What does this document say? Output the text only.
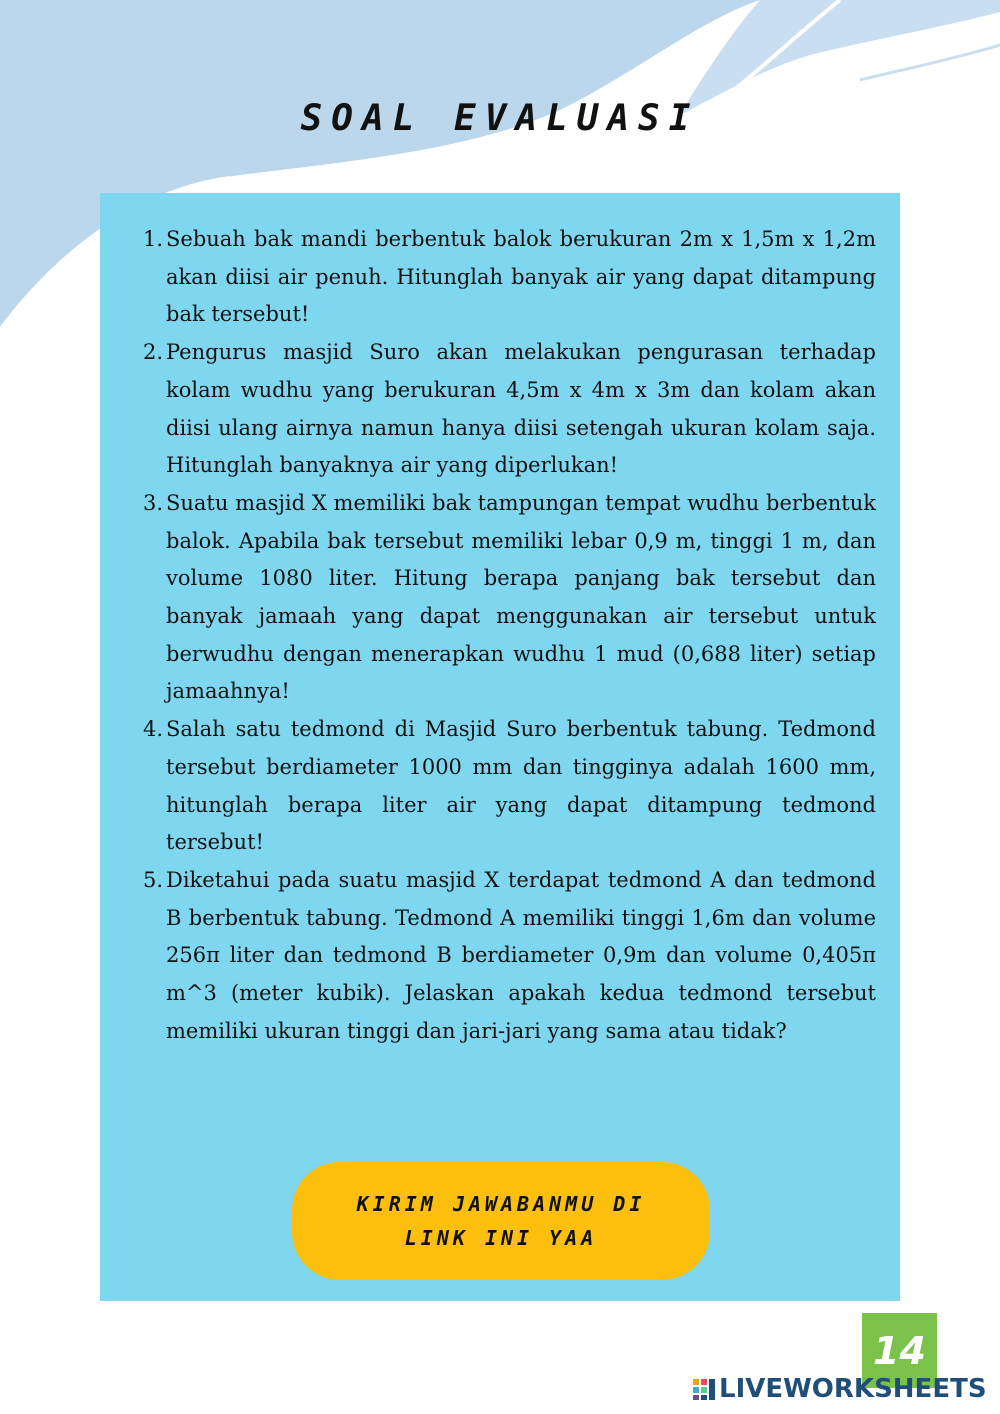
SOAL EVALUASI
1. Sebuah bak mandi berbentuk balok berukuran 2m x 1,5m x 1,2m akan diisi air penuh. Hitunglah banyak air yang dapat ditampung bak tersebut!
2. Pengurus masjid Suro akan melakukan pengurasan terhadap kolam wudhu yang berukuran 4,5m x 4m x 3m dan kolam akan diisi ulang airnya namun hanya diisi setengah ukuran kolam saja. Hitunglah banyaknya air yang diperlukan!
3. Suatu masjid X memiliki bak tampungan tempat wudhu berbentuk balok. Apabila bak tersebut memiliki lebar 0,9 m, tinggi 1 m, dan volume 1080 liter. Hitung berapa panjang bak tersebut dan banyak jamaah yang dapat menggunakan air tersebut untuk berwudhu dengan menerapkan wudhu 1 mud (0,688 liter) setiap jamaahnya!
4. Salah satu tedmond di Masjid Suro berbentuk tabung. Tedmond tersebut berdiameter 1000 mm dan tingginya adalah 1600 mm, hitunglah berapa liter air yang dapat ditampung tedmond tersebut!
5. Diketahui pada suatu masjid X terdapat tedmond A dan tedmond B berbentuk tabung. Tedmond A memiliki tinggi 1,6m dan volume 256π liter dan tedmond B berdiameter 0,9m dan volume 0,405π m^3 (meter kubik). Jelaskan apakah kedua tedmond tersebut memiliki ukuran tinggi dan jari-jari yang sama atau tidak?
KIRIM JAWABANMU DI LINK INI YAA
14
LIVEWORKSHEETS
